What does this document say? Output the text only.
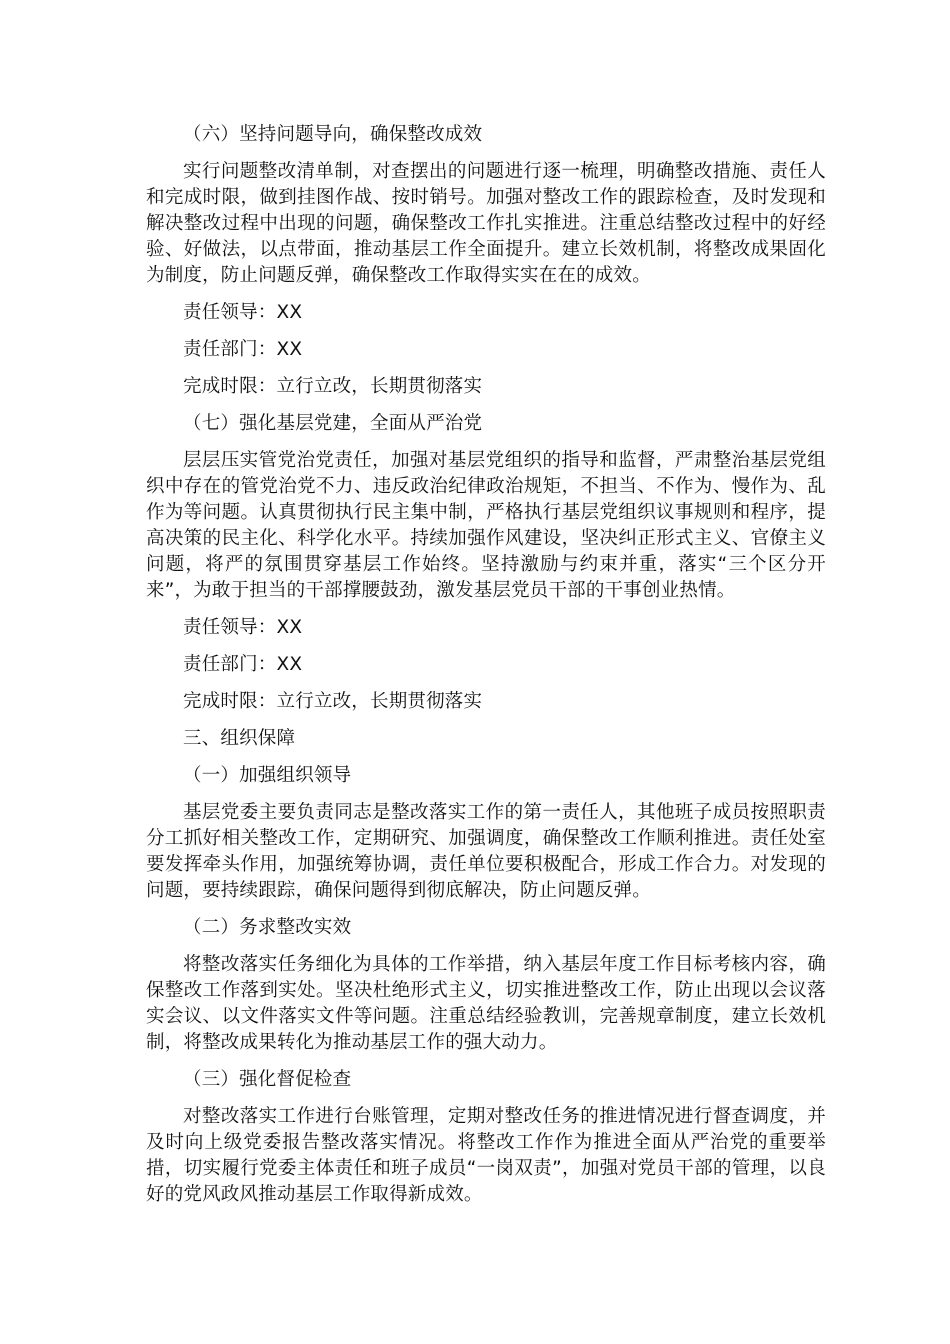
（六）坚持问题导向，确保整改成效

实行问题整改清单制，对查摆出的问题进行逐一梳理，明确整改措施、责任人和完成时限，做到挂图作战、按时销号。加强对整改工作的跟踪检查，及时发现和解决整改过程中出现的问题，确保整改工作扎实推进。注重总结整改过程中的好经验、好做法，以点带面，推动基层工作全面提升。建立长效机制，将整改成果固化为制度，防止问题反弹，确保整改工作取得实实在在的成效。

责任领导：XX

责任部门：XX

完成时限：立行立改，长期贯彻落实

（七）强化基层党建，全面从严治党

层层压实管党治党责任，加强对基层党组织的指导和监督，严肃整治基层党组织中存在的管党治党不力、违反政治纪律政治规矩，不担当、不作为、慢作为、乱作为等问题。认真贯彻执行民主集中制，严格执行基层党组织议事规则和程序，提高决策的民主化、科学化水平。持续加强作风建设，坚决纠正形式主义、官僚主义问题，将严的氛围贯穿基层工作始终。坚持激励与约束并重，落实“三个区分开来”，为敢于担当的干部撑腰鼓劲，激发基层党员干部的干事创业热情。

责任领导：XX

责任部门：XX

完成时限：立行立改，长期贯彻落实

三、组织保障

（一）加强组织领导

基层党委主要负责同志是整改落实工作的第一责任人，其他班子成员按照职责分工抓好相关整改工作，定期研究、加强调度，确保整改工作顺利推进。责任处室要发挥牵头作用，加强统筹协调，责任单位要积极配合，形成工作合力。对发现的问题，要持续跟踪，确保问题得到彻底解决，防止问题反弹。

（二）务求整改实效

将整改落实任务细化为具体的工作举措，纳入基层年度工作目标考核内容，确保整改工作落到实处。坚决杜绝形式主义，切实推进整改工作，防止出现以会议落实会议、以文件落实文件等问题。注重总结经验教训，完善规章制度，建立长效机制，将整改成果转化为推动基层工作的强大动力。

（三）强化督促检查

对整改落实工作进行台账管理，定期对整改任务的推进情况进行督查调度，并及时向上级党委报告整改落实情况。将整改工作作为推进全面从严治党的重要举措，切实履行党委主体责任和班子成员“一岗双责”，加强对党员干部的管理，以良好的党风政风推动基层工作取得新成效。
